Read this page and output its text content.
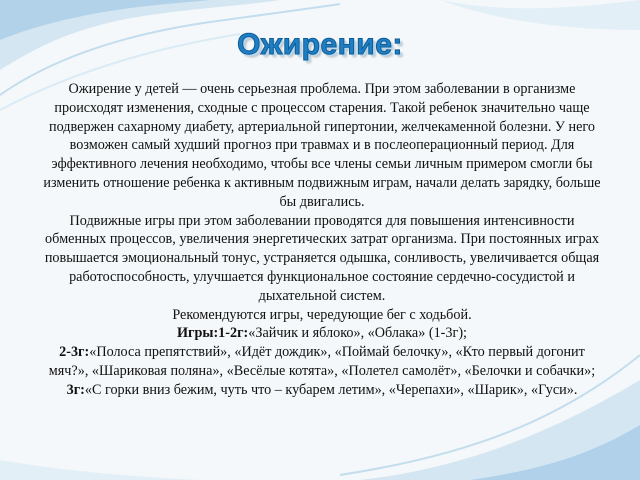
Ожирение:

Ожирение у детей — очень серьезная проблема. При этом заболевании в организме происходят изменения, сходные с процессом старения. Такой ребенок значительно чаще подвержен сахарному диабету, артериальной гипертонии, желчекаменной болезни. У него возможен самый худший прогноз при травмах и в послеоперационный период. Для эффективного лечения необходимо, чтобы все члены семьи личным примером смогли бы изменить отношение ребенка к активным подвижным играм, начали делать зарядку, больше бы двигались.

Подвижные игры при этом заболевании проводятся для повышения интенсивности обменных процессов, увеличения энергетических затрат организма. При постоянных играх повышается эмоциональный тонус, устраняется одышка, сонливость, увеличивается общая работоспособность, улучшается функциональное состояние сердечно-сосудистой и дыхательной систем.

Рекомендуются игры, чередующие бег с ходьбой.

Игры:1-2г:«Зайчик и яблоко», «Облака» (1-3г);

2-3г:«Полоса препятствий», «Идёт дождик», «Поймай белочку», «Кто первый догонит мяч?», «Шариковая поляна», «Весёлые котята», «Полетел самолёт», «Белочки и собачки»;

3г:«С горки вниз бежим, чуть что – кубарем летим», «Черепахи», «Шарик», «Гуси».
